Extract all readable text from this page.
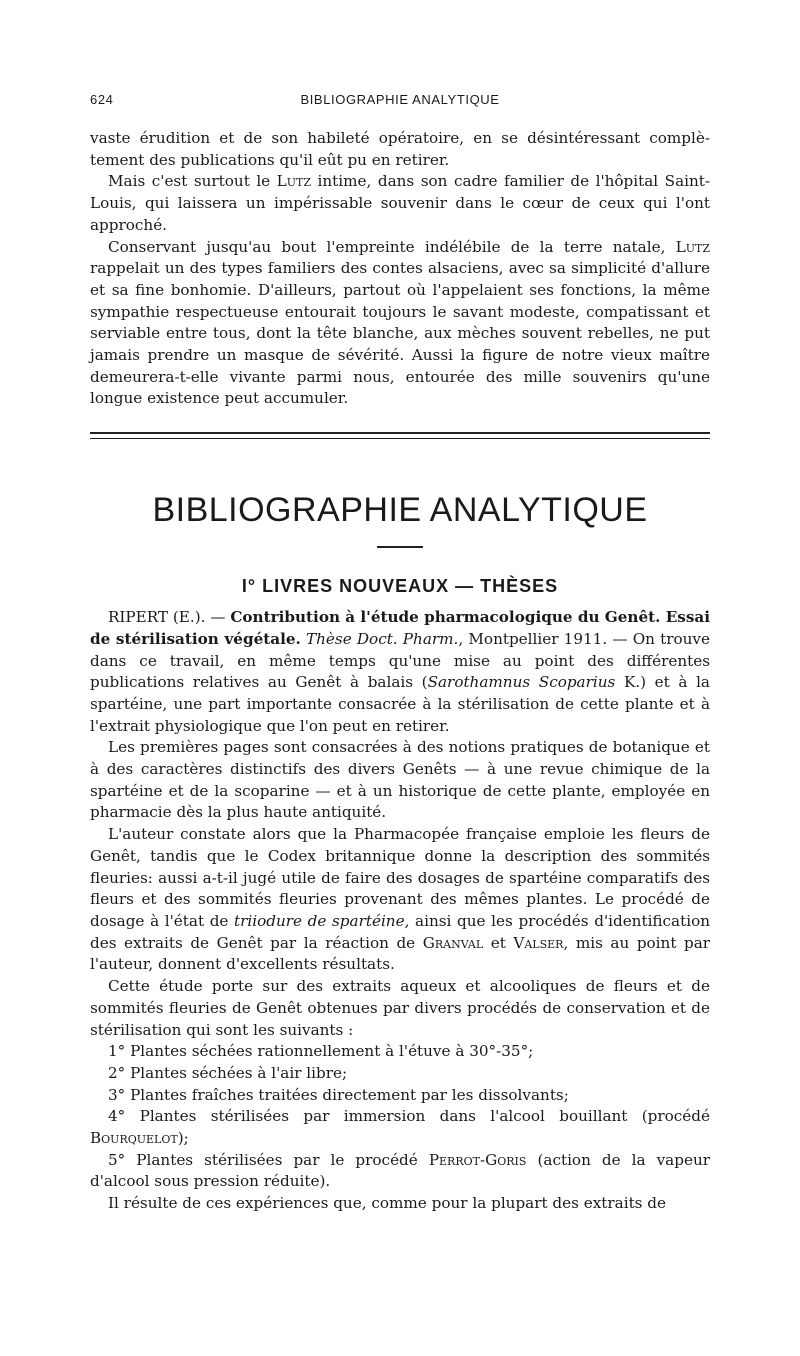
624	BIBLIOGRAPHIE ANALYTIQUE

vaste érudition et de son habileté opératoire, en se désintéressant complè- tement des publications qu'il eût pu en retirer.

Mais c'est surtout le Lutz intime, dans son cadre familier de l'hôpital Saint-Louis, qui laissera un impérissable souvenir dans le cœur de ceux qui l'ont approché.

Conservant jusqu'au bout l'empreinte indélébile de la terre natale, Lutz rappelait un des types familiers des contes alsaciens, avec sa simplicité d'allure et sa fine bonhomie. D'ailleurs, partout où l'appelaient ses fonctions, la même sympathie respectueuse entourait toujours le savant modeste, compatissant et serviable entre tous, dont la tête blanche, aux mèches souvent rebelles, ne put jamais prendre un masque de sévérité. Aussi la figure de notre vieux maître demeurera-t-elle vivante parmi nous, entourée des mille souvenirs qu'une longue existence peut accumuler.

BIBLIOGRAPHIE ANALYTIQUE
I° LIVRES NOUVEAUX — THÈSES

RIPERT (E.). — Contribution à l'étude pharmacologique du Genêt. Essai de stérilisation végétale. Thèse Doct. Pharm., Montpellier 1911. — On trouve dans ce travail, en même temps qu'une mise au point des différentes publications relatives au Genêt à balais (Sarothamnus Scoparius K.) et à la spartéine, une part importante consacrée à la stérilisation de cette plante et à l'extrait physiologique que l'on peut en retirer.

Les premières pages sont consacrées à des notions pratiques de botanique et à des caractères distinctifs des divers Genêts — à une revue chimique de la spartéine et de la scoparine — et à un historique de cette plante, employée en pharmacie dès la plus haute antiquité.

L'auteur constate alors que la Pharmacopée française emploie les fleurs de Genêt, tandis que le Codex britannique donne la description des sommités fleuries: aussi a-t-il jugé utile de faire des dosages de spartéine comparatifs des fleurs et des sommités fleuries provenant des mêmes plantes. Le procédé de dosage à l'état de triiodure de spartéine, ainsi que les procédés d'identification des extraits de Genêt par la réaction de Granval et Valser, mis au point par l'auteur, donnent d'excellents résultats.

Cette étude porte sur des extraits aqueux et alcooliques de fleurs et de sommités fleuries de Genêt obtenues par divers procédés de conservation et de stérilisation qui sont les suivants :

1° Plantes séchées rationnellement à l'étuve à 30°-35°;
2° Plantes séchées à l'air libre;
3° Plantes fraîches traitées directement par les dissolvants;
4° Plantes stérilisées par immersion dans l'alcool bouillant (procédé Bourquelot);
5° Plantes stérilisées par le procédé Perrot-Goris (action de la vapeur d'alcool sous pression réduite).

Il résulte de ces expériences que, comme pour la plupart des extraits de
